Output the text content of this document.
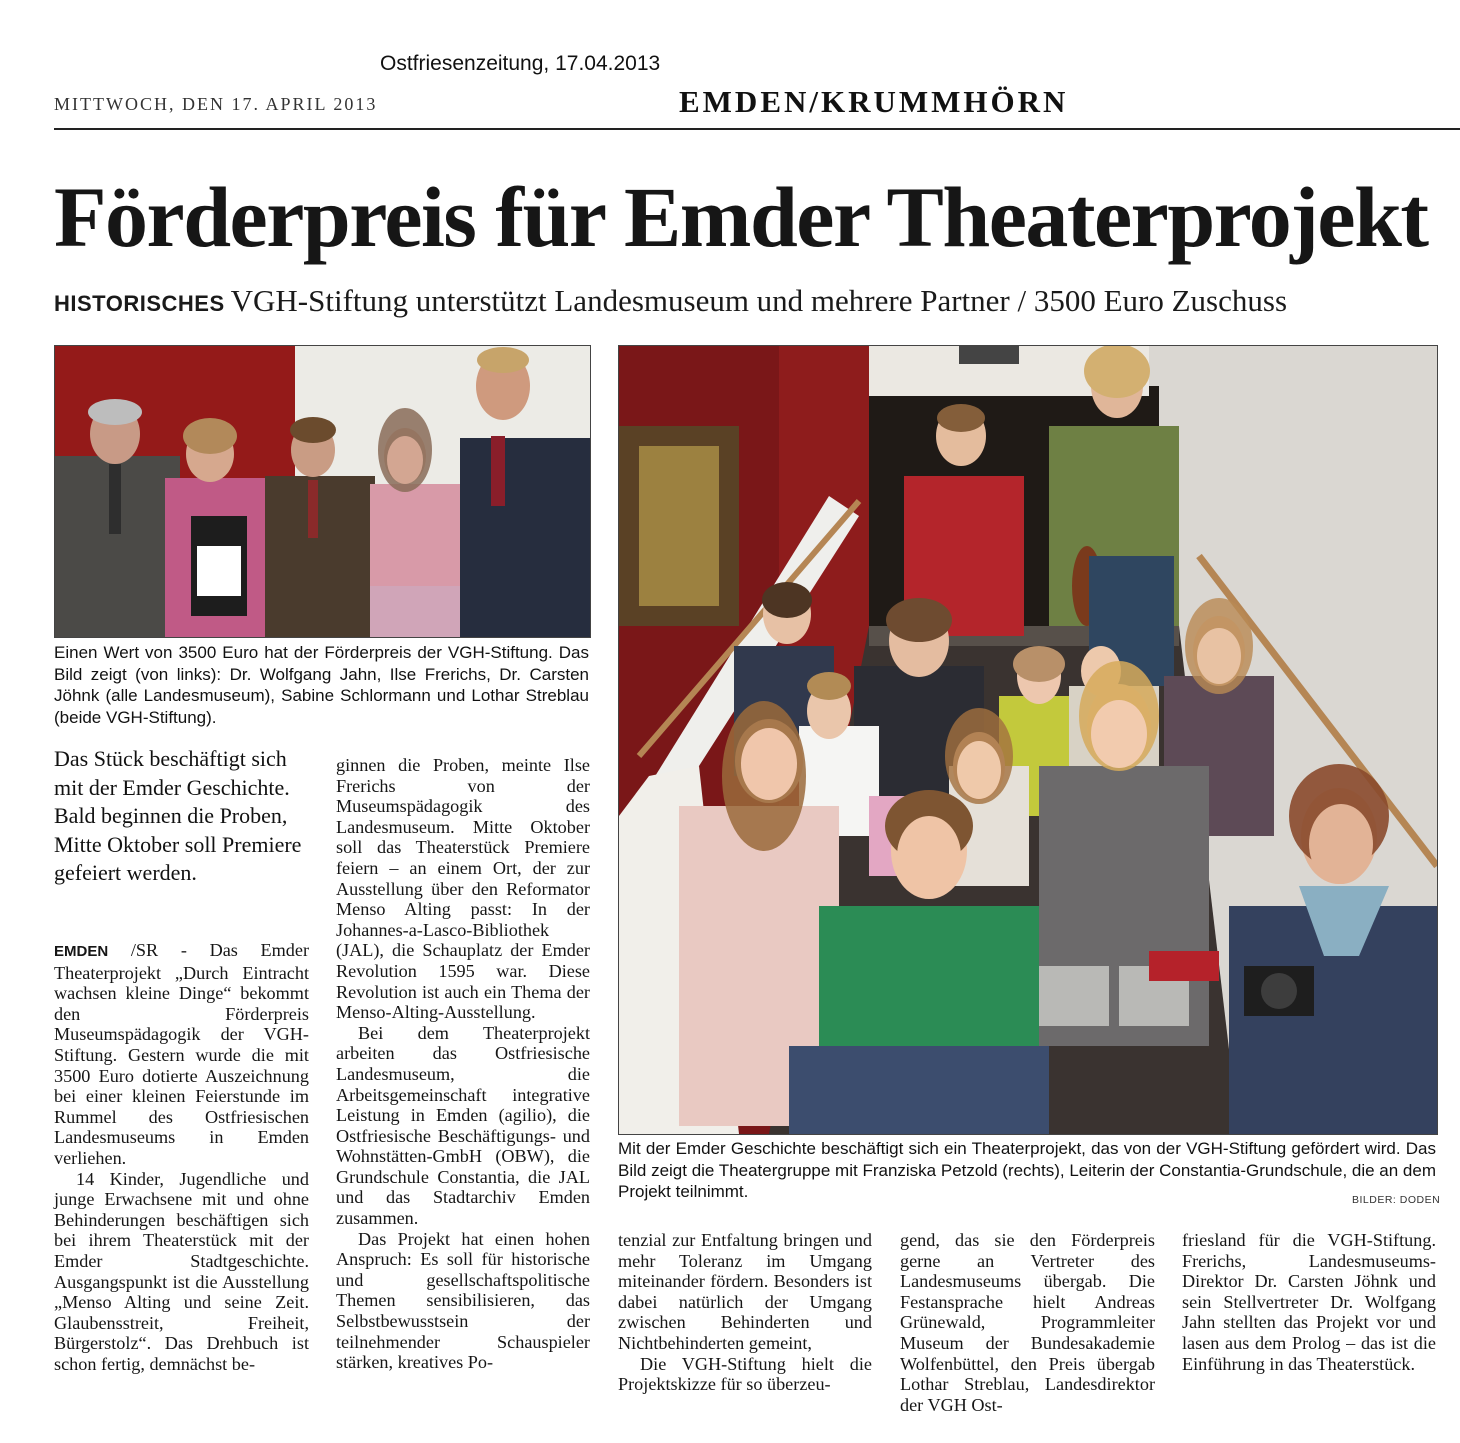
Ostfriesenzeitung, 17.04.2013
MITTWOCH, DEN 17. APRIL 2013	EMDEN/KRUMMHÖRN
Förderpreis für Emder Theaterprojekt
HISTORISCHES VGH-Stiftung unterstützt Landesmuseum und mehrere Partner / 3500 Euro Zuschuss
Einen Wert von 3500 Euro hat der Förderpreis der VGH-Stiftung. Das Bild zeigt (von links): Dr. Wolfgang Jahn, Ilse Frerichs, Dr. Carsten Jöhnk (alle Landesmuseum), Sabine Schlormann und Lothar Streblau (beide VGH-Stiftung).
Mit der Emder Geschichte beschäftigt sich ein Theaterprojekt, das von der VGH-Stiftung gefördert wird. Das Bild zeigt die Theatergruppe mit Franziska Petzold (rechts), Leiterin der Constantia-Grundschule, die an dem Projekt teilnimmt.	BILDER: DODEN
Das Stück beschäftigt sich mit der Emder Geschichte. Bald beginnen die Proben, Mitte Oktober soll Premiere gefeiert werden.

EMDEN /SR - Das Emder Theaterprojekt „Durch Eintracht wachsen kleine Dinge“ bekommt den Förderpreis Museumspädagogik der VGH-Stiftung. Gestern wurde die mit 3500 Euro dotierte Auszeichnung bei einer kleinen Feierstunde im Rummel des Ostfriesischen Landesmuseums in Emden verliehen.

14 Kinder, Jugendliche und junge Erwachsene mit und ohne Behinderungen beschäftigen sich bei ihrem Theaterstück mit der Emder Stadtgeschichte. Ausgangspunkt ist die Ausstellung „Menso Alting und seine Zeit. Glaubensstreit, Freiheit, Bürgerstolz“. Das Drehbuch ist schon fertig, demnächst be-

ginnen die Proben, meinte Ilse Frerichs von der Museumspädagogik des Landesmuseum. Mitte Oktober soll das Theaterstück Premiere feiern – an einem Ort, der zur Ausstellung über den Reformator Menso Alting passt: In der Johannes-a-Lasco-Bibliothek (JAL), die Schauplatz der Emder Revolution 1595 war. Diese Revolution ist auch ein Thema der Menso-Alting-Ausstellung.

Bei dem Theaterprojekt arbeiten das Ostfriesische Landesmuseum, die Arbeitsgemeinschaft integrative Leistung in Emden (agilio), die Ostfriesische Beschäftigungs- und Wohnstätten-GmbH (OBW), die Grundschule Constantia, die JAL und das Stadtarchiv Emden zusammen.

Das Projekt hat einen hohen Anspruch: Es soll für historische und gesellschaftspolitische Themen sensibilisieren, das Selbstbewusstsein der teilnehmender Schauspieler stärken, kreatives Po-

tenzial zur Entfaltung bringen und mehr Toleranz im Umgang miteinander fördern. Besonders ist dabei natürlich der Umgang zwischen Behinderten und Nichtbehinderten gemeint,

Die VGH-Stiftung hielt die Projektskizze für so überzeu-

gend, das sie den Förderpreis gerne an Vertreter des Landesmuseums übergab. Die Festansprache hielt Andreas Grünewald, Programmleiter Museum der Bundesakademie Wolfenbüttel, den Preis übergab Lothar Streblau, Landesdirektor der VGH Ost-

friesland für die VGH-Stiftung. Frerichs, Landesmuseums-Direktor Dr. Carsten Jöhnk und sein Stellvertreter Dr. Wolfgang Jahn stellten das Projekt vor und lasen aus dem Prolog – das ist die Einführung in das Theaterstück.
